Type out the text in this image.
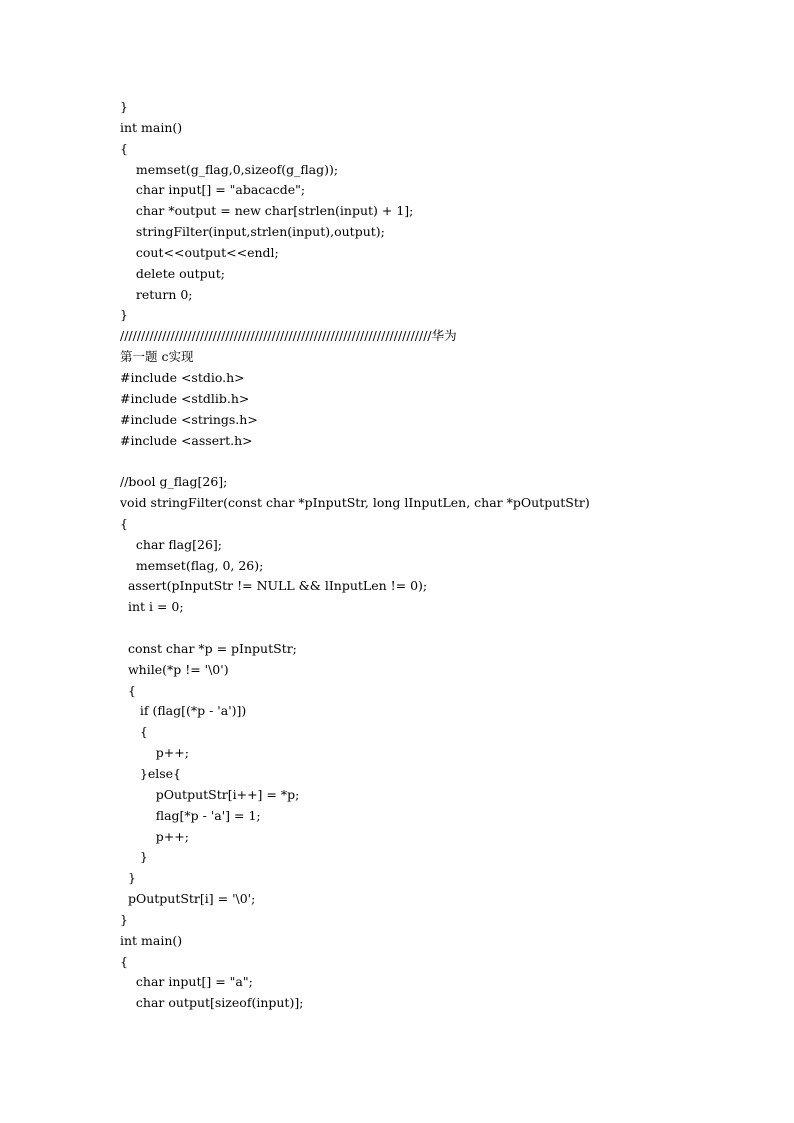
}
int main()
{
memset(g_flag,0,sizeof(g_flag));
char input[] = "abacacde";
char *output = new char[strlen(input) + 1];
stringFilter(input,strlen(input),output);
cout<<output<<endl;
delete output;
return 0;
}
//////////////////////////////////////////////////////////////////////////华为
第一题 c实现
#include <stdio.h>
#include <stdlib.h>
#include <strings.h>
#include <assert.h>
//bool g_flag[26];
void stringFilter(const char *pInputStr, long lInputLen, char *pOutputStr)
{
char flag[26];
memset(flag, 0, 26);
assert(pInputStr != NULL && lInputLen != 0);
int i = 0;
const char *p = pInputStr;
while(*p != '\0')
{
if (flag[(*p - 'a')])
{
p++;
}else{
pOutputStr[i++] = *p;
flag[*p - 'a'] = 1;
p++;
}
}
pOutputStr[i] = '\0';
}
int main()
{
char input[] = "a";
char output[sizeof(input)];
